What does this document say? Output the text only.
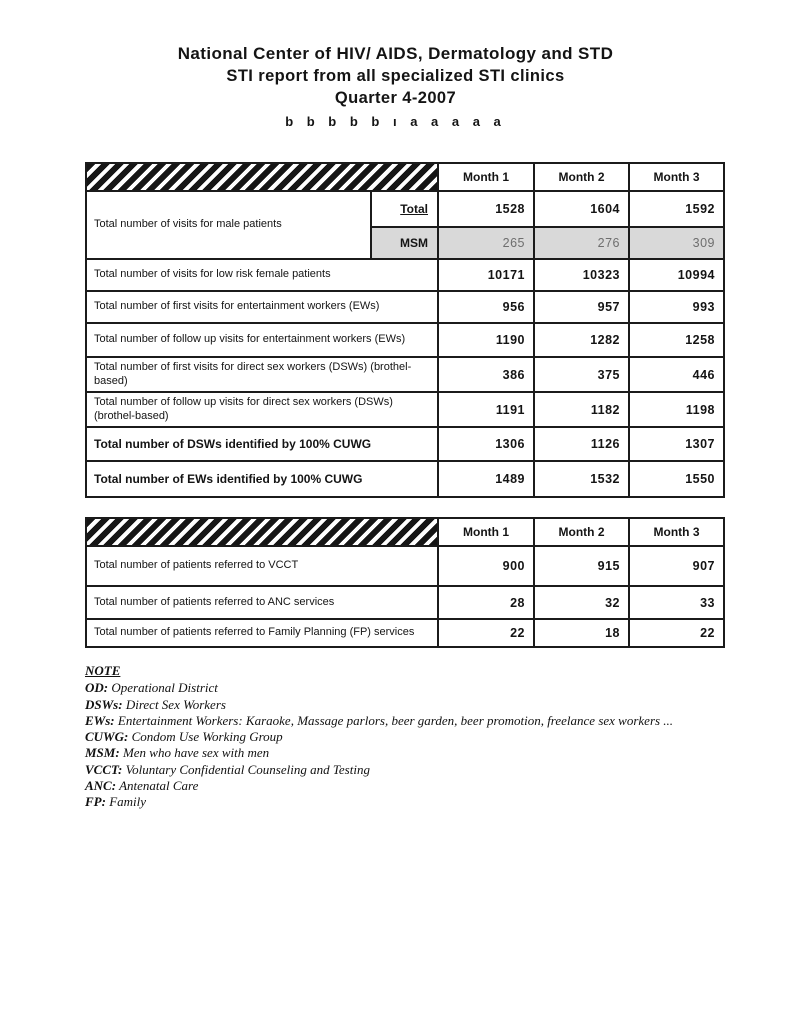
National Center of HIV/ AIDS, Dermatology and STD
STI report from all specialized STI clinics
Quarter 4-2007
b b b b b ı a a a a a
		Month 1	Month 2	Month 3
Total number of visits for male patients	Total	1528	1604	1592
	MSM	265	276	309
Total number of visits for low risk female patients		10171	10323	10994
Total number of first visits for entertainment workers (EWs)		956	957	993
Total number of follow up visits for entertainment workers (EWs)		1190	1282	1258
Total number of first visits for direct sex workers (DSWs) (brothel-based)		386	375	446
Total number of follow up visits for direct sex workers (DSWs) (brothel-based)		1191	1182	1198
Total number of DSWs identified by 100% CUWG		1306	1126	1307
Total number of EWs identified by 100% CUWG		1489	1532	1550
	Month 1	Month 2	Month 3
Total number of patients referred to VCCT	900	915	907
Total number of patients referred to ANC services	28	32	33
Total number of patients referred to Family Planning (FP) services	22	18	22
NOTE
OD: Operational District
DSWs: Direct Sex Workers
EWs: Entertainment Workers: Karaoke, Massage parlors, beer garden, beer promotion, freelance sex workers ...
CUWG: Condom Use Working Group
MSM: Men who have sex with men
VCCT: Voluntary Confidential Counseling and Testing
ANC: Antenatal Care
FP: Family
